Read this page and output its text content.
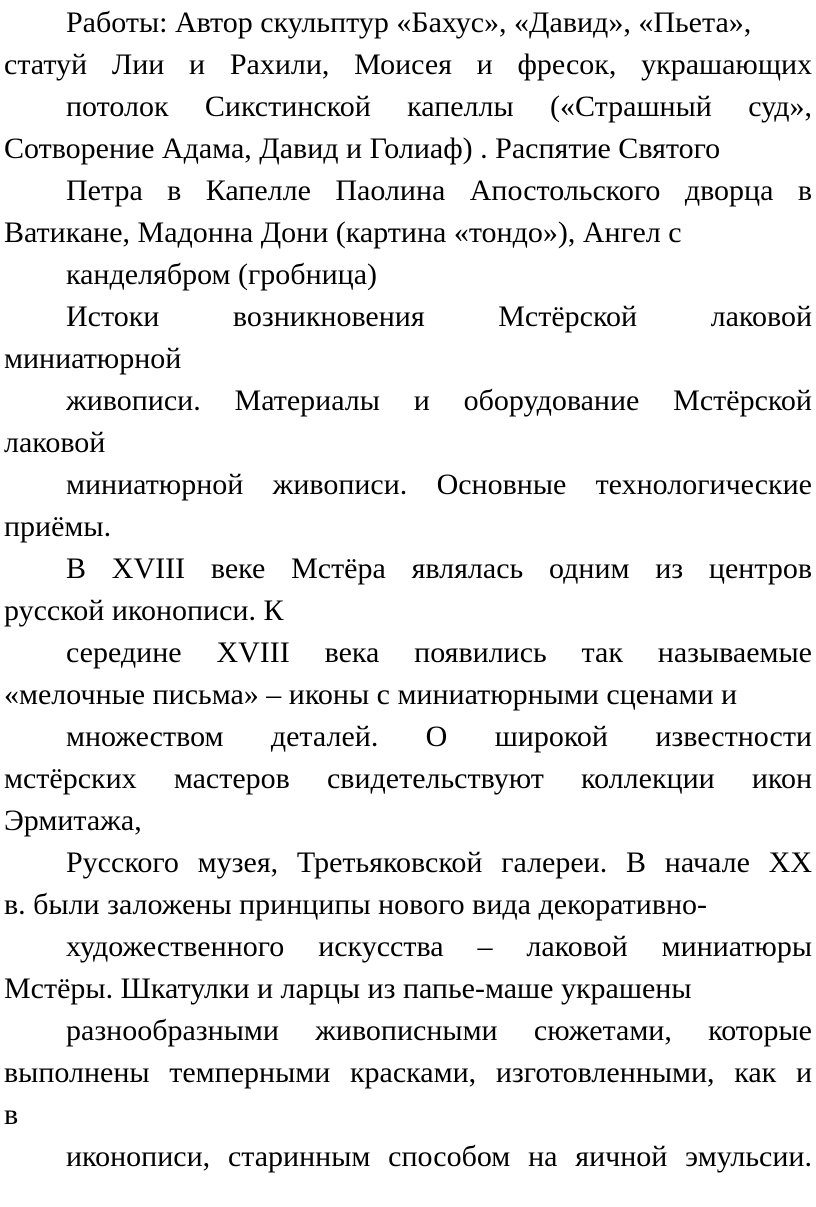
Работы: Автор скульптур «Бахус», «Давид», «Пьета»,
статуй Лии и Рахили, Моисея и фресок, украшающих
потолок Сикстинской капеллы («Страшный суд»,
Сотворение Адама, Давид и Голиаф) . Распятие Святого
Петра в Капелле Паолина Апостольского дворца в
Ватикане, Мадонна Дони (картина «тондо»), Ангел с
канделябром (гробница)
Истоки возникновения Мстёрской лаковой
миниатюрной
живописи. Материалы и оборудование Мстёрской
лаковой
миниатюрной живописи. Основные технологические
приёмы.
В XVIII веке Мстёра являлась одним из центров
русской иконописи. К
середине XVIII века появились так называемые
«мелочные письма» – иконы с миниатюрными сценами и
множеством деталей. О широкой известности
мстёрских мастеров свидетельствуют коллекции икон
Эрмитажа,
Русского музея, Третьяковской галереи. В начале XX
в. были заложены принципы нового вида декоративно-
художественного искусства – лаковой миниатюры
Мстёры. Шкатулки и ларцы из папье-маше украшены
разнообразными живописными сюжетами, которые
выполнены темперными красками, изготовленными, как и
в
иконописи, старинным способом на яичной эмульсии.
